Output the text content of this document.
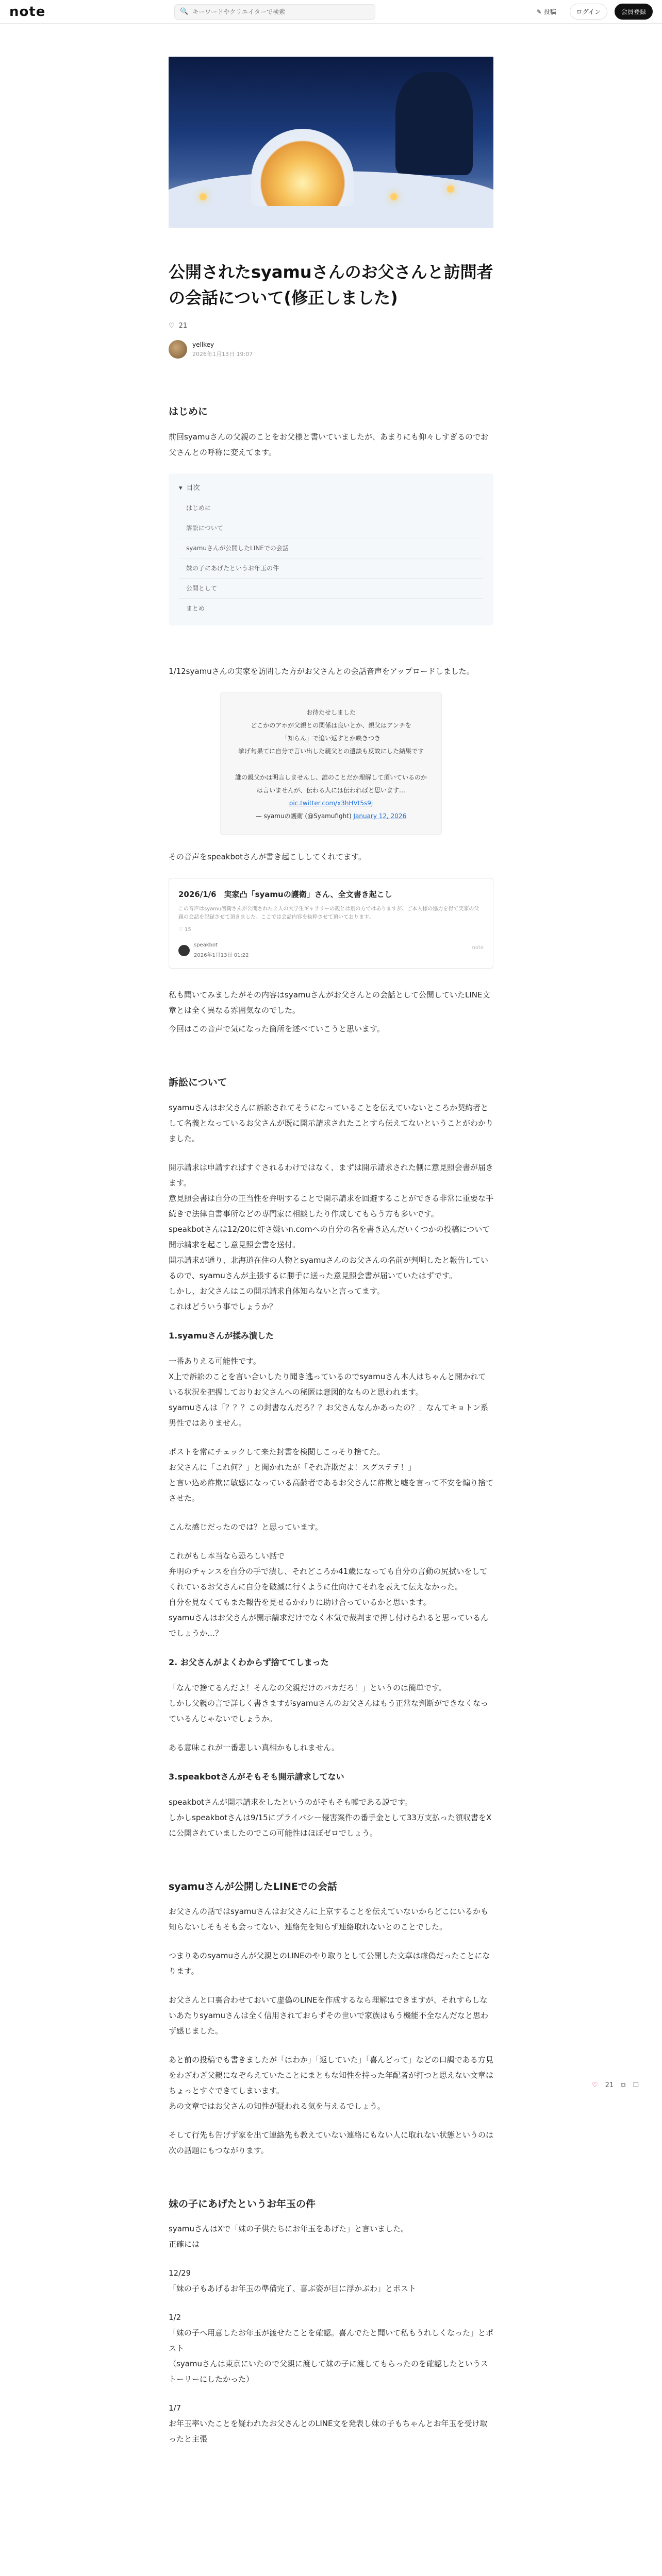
note	🔍
キーワードやクリエイターで検索	✎ 投稿	ログイン	会員登録
公開されたsyamuさんのお父さんと訪問者の会話について(修正しました)
♡ 21
yellkey
2026年1月13日 19:07
はじめに

前回syamuさんの父親のことをお父様と書いていましたが、あまりにも仰々しすぎるのでお父さんとの呼称に変えてます。

▾ 目次
はじめに
訴訟について
syamuさんが公開したLINEでの会話
妹の子にあげたというお年玉の件
公開として
まとめ

1/12syamuさんの実家を訪問した方がお父さんとの会話音声をアップロードしました。

お待たせしました
どこかのアホが父親との関係は良いとか、親父はアンチを
「知らん」で追い返すとか喚きつき
挙げ句果てに自分で言い出した親父との遺談も反故にした結果です

誰の親父かは明言しませんし、誰のことだか理解して頂いているのかは言いませんが、伝わる人には伝わればと思います…
pic.twitter.com/x3hHVt5s9j
— syamuの護衛 (@Syamufight) January 12, 2026

その音声をspeakbotさんが書き起こししてくれてます。

2026/1/6　実家凸「syamuの護衛」さん、全文書き起こし
この音声はsyamu護衛さんが公開された２人の大学生ギャラリーの親とは別の方ではありますが、ご本人様の協力を得て実家の父親の会話を記録させて頂きました。ここでは会話内容を抜粋させて頂いております。
♡ 15
speakbot
2026年1月13日 01:22
note

私も聞いてみましたがその内容はsyamuさんがお父さんとの会話として公開していたLINE文章とは全く異なる雰囲気なのでした。

今回はこの音声で気になった箇所を述べていこうと思います。

訴訟について

syamuさんはお父さんに訴訟されてそうになっていることを伝えていないところか契約者として名義となっているお父さんが既に開示請求されたことすら伝えてないということがわかりました。

開示請求は申請すればすぐされるわけではなく、まずは開示請求された側に意見照会書が届きます。

意見照会書は自分の正当性を弁明することで開示請求を回避することができる非常に重要な手続きで法律自書事所などの専門家に相談したり作成してもらう方も多いです。

speakbotさんは12/20に奸さ嫌いn.comへの自分の名を書き込んだいくつかの投稿について開示請求を起こし意見照会書を送付。

開示請求が通り、北海道在住の人物とsyamuさんのお父さんの名前が判明したと報告しているので、syamuさんが主張するに勝手に送った意見照会書が届いていたはずです。

しかし、お父さんはこの開示請求自体知らないと言ってます。

これはどういう事でしょうか？

1.syamuさんが揉み潰した

一番ありえる可能性です。

X上で訴訟のことを言い合いしたり聞き逃っているのでsyamuさん本人はちゃんと開かれている状況を把握しておりお父さんへの秘匿は意図的なものと思われます。

syamuさんは「？？？この封書なんだろ？？お父さんなんかあったの？」なんてキョトン系男性ではありません。

ポストを常にチェックして来た封書を検閲しこっそり捨てた。

お父さんに「これ何？」と聞かれたが「それ詐欺だよ！スグステテ！」

と言い込め詐欺に敏感になっている高齢者であるお父さんに詐欺と嘘を言って不安を煽り捨てさせた。

こんな感じだったのでは？と思っています。

これがもし本当なら恐ろしい話で

弁明のチャンスを自分の手で潰し、それどころか41歳になっても自分の言動の尻拭いをしてくれているお父さんに自分を破滅に行くように仕向けてそれを表えて伝えなかった。

自分を見なくてもまた報告を見せるかわりに助け合っているかと思います。

syamuさんはお父さんが開示請求だけでなく本気で裁判まで押し付けられると思っているんでしょうか…？

2. お父さんがよくわからず捨ててしまった

「なんで捨てるんだよ！そんなの父親だけのバカだろ！」というのは簡単です。

しかし父親の言で詳しく書きますがsyamuさんのお父さんはもう正常な判断ができなくなっているんじゃないでしょうか。

ある意味これが一番悲しい真相かもしれません。

3.speakbotさんがそもそも開示請求してない

speakbotさんが開示請求をしたというのがそもそも嘘である説です。

しかしspeakbotさんは9/15にプライバシー侵害案件の番手金として33万支払った領収書をXに公開されていましたのでこの可能性はほぼゼロでしょう。

syamuさんが公開したLINEでの会話

お父さんの話ではsyamuさんはお父さんに上京することを伝えていないからどこにいるかも知らないしそもそも会ってない、連絡先を知らず連絡取れないとのことでした。

つまりあのsyamuさんが父親とのLINEのやり取りとして公開した文章は虚偽だったことになります。

お父さんと口裏合わせておいて虚偽のLINEを作成するなら理解はできますが、それすらしないあたりsyamuさんは全く信用されておらずその世いで家族はもう機能不全なんだなと思わず感じました。

あと前の投稿でも書きましたが「はわか」「返していた」「喜んどって」などの口調である方見をわざわざ父親になぞらえていたことにまともな知性を持った年配者が打つと思えない文章はちょっとすぐできてしまいます。

あの文章ではお父さんの知性が疑われる気を与えるでしょう。

そして行先も告げず家を出て連絡先も教えていない連絡にもない人に取れない状態というのは次の話題にもつながります。

妹の子にあげたというお年玉の件

syamuさんはXで「妹の子供たちにお年玉をあげた」と言いました。

正確には

12/29

「妹の子もあげるお年玉の準備完了、喜ぶ姿が目に浮かぶわ」とポスト

1/2

「妹の子へ用意したお年玉が渡せたことを確認。喜んでたと聞いて私もうれしくなった」とポスト

（syamuさんは東京にいたので父親に渡して妹の子に渡してもらったのを確認したというストーリーにしたかった）

1/7

お年玉率いたことを疑われたお父さんとのLINE文を発表し妹の子もちゃんとお年玉を受け取ったと主張

♡ 21 ⧉ ☐
